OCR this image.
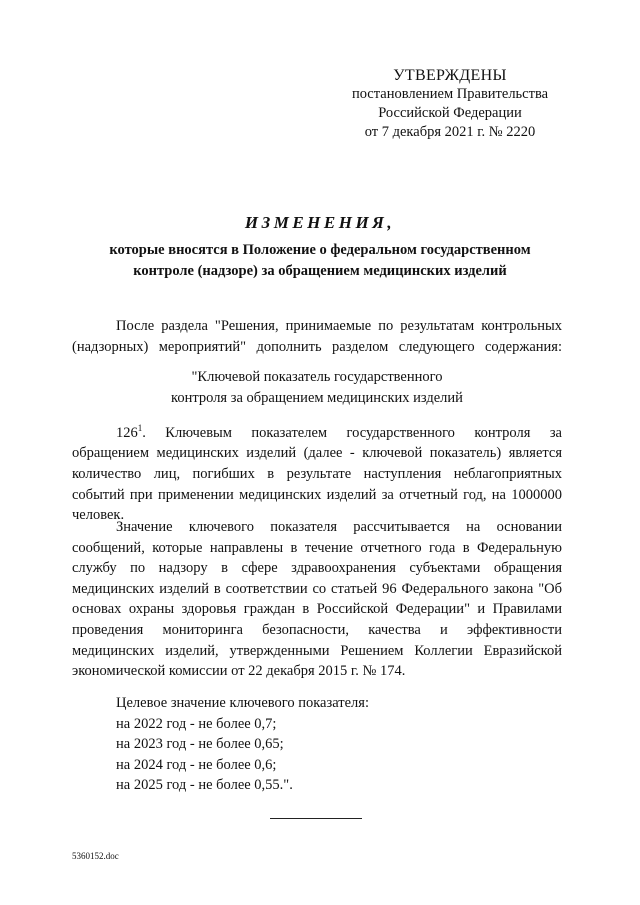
УТВЕРЖДЕНЫ
постановлением Правительства
Российской Федерации
от 7 декабря 2021 г. № 2220
ИЗМЕНЕНИЯ,
которые вносятся в Положение о федеральном государственном
контроле (надзоре) за обращением медицинских изделий
После раздела "Решения, принимаемые по результатам контрольных
(надзорных) мероприятий" дополнить разделом следующего содержания:
"Ключевой показатель государственного
контроля за обращением медицинских изделий
$126^1$. Ключевым показателем государственного контроля за
обращением медицинских изделий (далее - ключевой показатель) является количество лиц, погибших в результате наступления неблагоприятных событий при применении медицинских изделий за отчетный год, на 1000000 человек.
Значение ключевого показателя рассчитывается на основании сообщений, которые направлены в течение отчетного года в Федеральную службу по надзору в сфере здравоохранения субъектами обращения медицинских изделий в соответствии со статьей 96 Федерального закона "Об основах охраны здоровья граждан в Российской Федерации" и Правилами проведения мониторинга безопасности, качества и эффективности медицинских изделий, утвержденными Решением Коллегии Евразийской экономической комиссии от 22 декабря 2015 г. № 174.
Целевое значение ключевого показателя:
на 2022 год - не более 0,7;
на 2023 год - не более 0,65;
на 2024 год - не более 0,6;
на 2025 год - не более 0,55.".
5360152.doc
